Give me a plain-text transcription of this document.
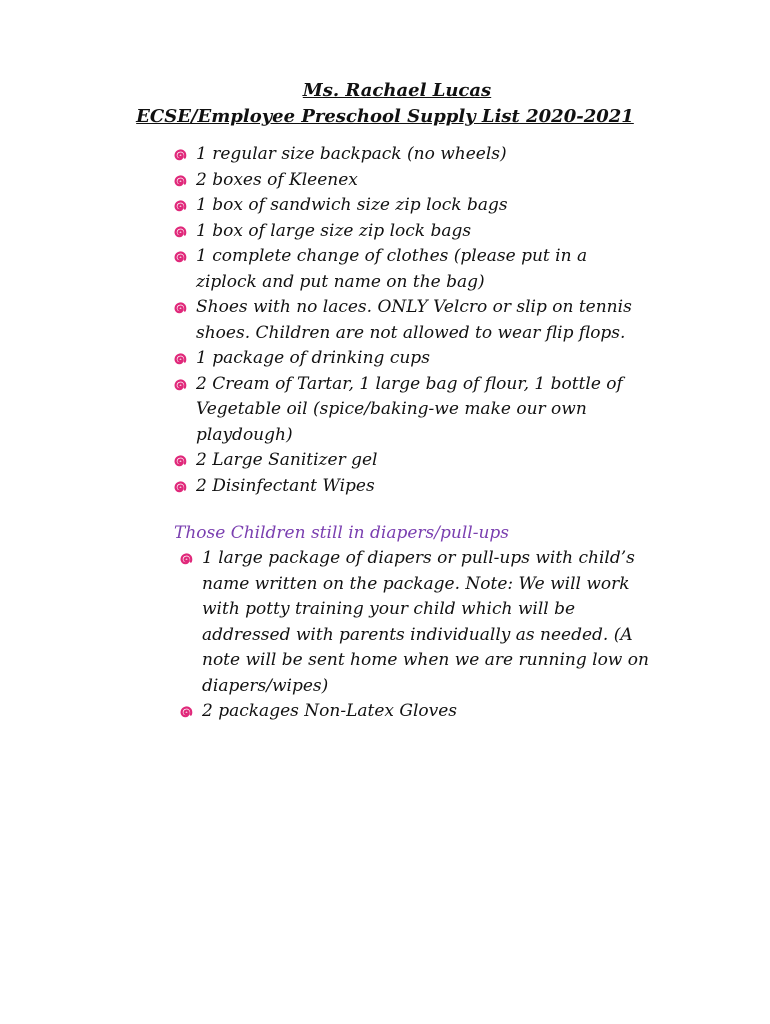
Ms. Rachael Lucas
ECSE/Employee Preschool Supply List 2020-2021
1 regular size backpack (no wheels)
2 boxes of Kleenex
1 box of sandwich size zip lock bags
1 box of large size zip lock bags
1 complete change of clothes (please put in a ziplock and put name on the bag)
Shoes with no laces. ONLY Velcro or slip on tennis shoes. Children are not allowed to wear flip flops.
1 package of drinking cups
2 Cream of Tartar, 1 large bag of flour, 1 bottle of Vegetable oil (spice/baking-we make our own playdough)
2 Large Sanitizer gel
2 Disinfectant Wipes

Those Children still in diapers/pull-ups

1 large package of diapers or pull-ups with child’s name written on the package. Note: We will work with potty training your child which will be addressed with parents individually as needed. (A note will be sent home when we are running low on diapers/wipes)
2 packages Non-Latex Gloves
